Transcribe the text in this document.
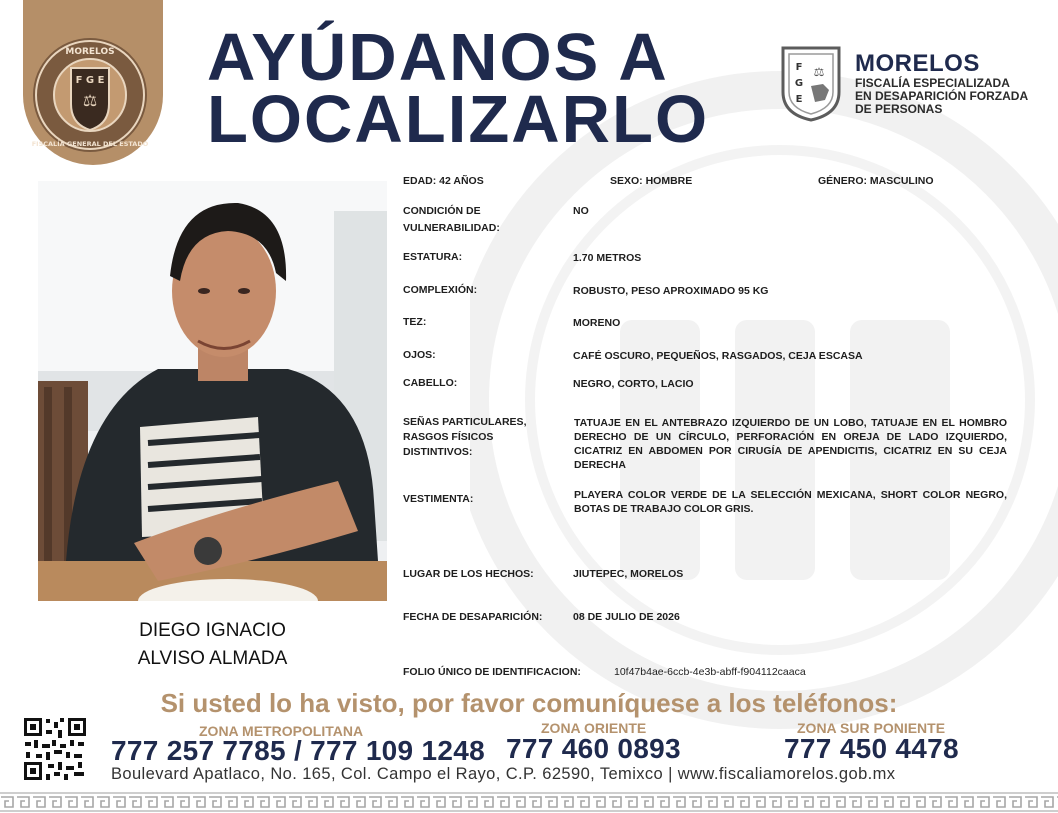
F G E
⚖
MORELOS
FISCALÍA GENERAL DEL ESTADO
AYÚDANOS A
LOCALIZARLO
F
G
E
⚖ MORELOS
FISCALÍA ESPECIALIZADA
EN DESAPARICIÓN FORZADA
DE PERSONAS
DIEGO IGNACIO
ALVISO ALMADA
EDAD: 42 AÑOS	SEXO: HOMBRE	GÉNERO: MASCULINO
CONDICIÓN DE
VULNERABILIDAD:
NO
ESTATURA:	1.70 METROS
COMPLEXIÓN:	ROBUSTO, PESO APROXIMADO 95 KG
TEZ:	MORENO
OJOS:	CAFÉ OSCURO, PEQUEÑOS, RASGADOS, CEJA ESCASA
CABELLO:	NEGRO, CORTO, LACIO
SEÑAS PARTICULARES,
RASGOS FÍSICOS
DISTINTIVOS:
TATUAJE EN EL ANTEBRAZO IZQUIERDO DE UN LOBO, TATUAJE EN EL HOMBRO DERECHO DE UN CÍRCULO, PERFORACIÓN EN OREJA DE LADO IZQUIERDO, CICATRIZ EN ABDOMEN POR CIRUGÍA DE APENDICITIS, CICATRIZ EN SU CEJA DERECHA
VESTIMENTA:	PLAYERA COLOR VERDE DE LA SELECCIÓN MEXICANA, SHORT COLOR NEGRO, BOTAS DE TRABAJO COLOR GRIS.
LUGAR DE LOS HECHOS:	JIUTEPEC, MORELOS
FECHA DE DESAPARICIÓN:	08 DE JULIO DE 2026
FOLIO ÚNICO DE IDENTIFICACION:	10f47b4ae-6ccb-4e3b-abff-f904112caaca
Si usted lo ha visto, por favor comuníquese a los teléfonos:
ZONA METROPOLITANA
777 257 7785 / 777 109 1248
ZONA ORIENTE
777 460 0893
ZONA SUR PONIENTE
777 450 4478
Boulevard Apatlaco, No. 165, Col. Campo el Rayo, C.P. 62590, Temixco | www.fiscaliamorelos.gob.mx
